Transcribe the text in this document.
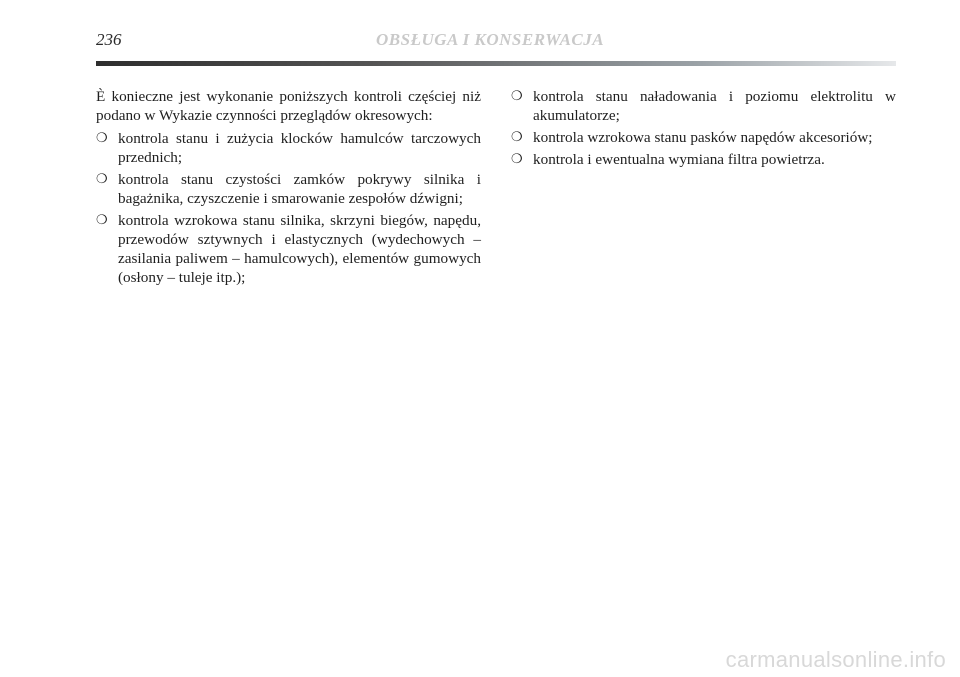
236	OBSŁUGA I KONSERWACJA

È konieczne jest wykonanie poniższych kontroli częściej niż podano w Wykazie czynności przeglądów okresowych:

❍ kontrola stanu i zużycia klocków hamulców tarczowych przednich;
❍ kontrola stanu czystości zamków pokrywy silnika i bagażnika, czyszczenie i smarowanie zespołów dźwigni;
❍ kontrola wzrokowa stanu silnika, skrzyni biegów, napędu, przewodów sztywnych i elastycznych (wydechowych – zasilania paliwem – hamulcowych), elementów gumowych (osłony – tuleje itp.);
❍ kontrola stanu naładowania i poziomu elektrolitu w akumulatorze;
❍ kontrola wzrokowa stanu pasków napędów akcesoriów;
❍ kontrola i ewentualna wymiana filtra powietrza.
carmanualsonline.info
